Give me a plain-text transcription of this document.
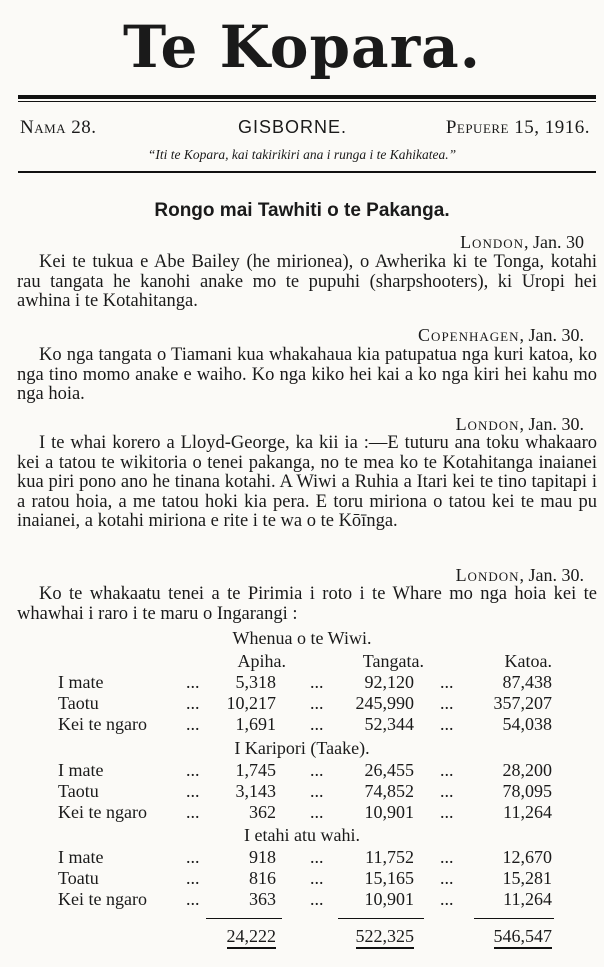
Te Kopara.
Nama 28.	GISBORNE.	Pepuere 15, 1916.
“Iti te Kopara, kai takirikiri ana i runga i te Kahikatea.”
Rongo mai Tawhiti o te Pakanga.
London, Jan. 30
Kei te tukua e Abe Bailey (he mirionea), o Awherika ki te Tonga, kotahi rau tangata he kanohi anake mo te pupuhi (sharpshooters), ki Uropi hei awhina i te Kotahitanga.
Copenhagen, Jan. 30.
Ko nga tangata o Tiamani kua whakahaua kia patupatua nga kuri katoa, ko nga tino momo anake e waiho. Ko nga kiko hei kai a ko nga kiri hei kahu mo nga hoia.
London, Jan. 30.
I te whai korero a Lloyd-George, ka kii ia :—E tuturu ana toku whakaaro kei a tatou te wikitoria o tenei pakanga, no te mea ko te Kotahitanga inaianei kua piri pono ano he tinana kotahi. A Wiwi a Ruhia a Itari kei te tino tapitapi i a ratou hoia, a me tatou hoki kia pera. E toru miriona o tatou kei te mau pu inaianei, a kotahi miriona e rite i te wa o te Kōīnga.
London, Jan. 30.
Ko te whakaatu tenei a te Pirimia i roto i te Whare mo nga hoia kei te whawhai i raro i te maru o Ingarangi :
Whenua o te Wiwi.
Apiha.	Tangata.	Katoa.
I mate	... 5,318 ... 92,120 ...	87,438
Taotu	... 10,217 ... 245,990 ... 357,207
Kei te ngaro ... 1,691 ... 52,344 ...	54,038
I Karipori (Taake).
I mate	... 1,745 ... 26,455 ...	28,200
Taotu	... 3,143 ... 74,852 ...	78,095
Kei te ngaro ...	362 ... 10,901 ...	11,264
I etahi atu wahi.
I mate	...	918 ... 11,752 ...	12,670
Toatu	...	816 ... 15,165 ...	15,281
Kei te ngaro ...	363 ... 10,901 ...	11,264
24,222	522,325	546,547
